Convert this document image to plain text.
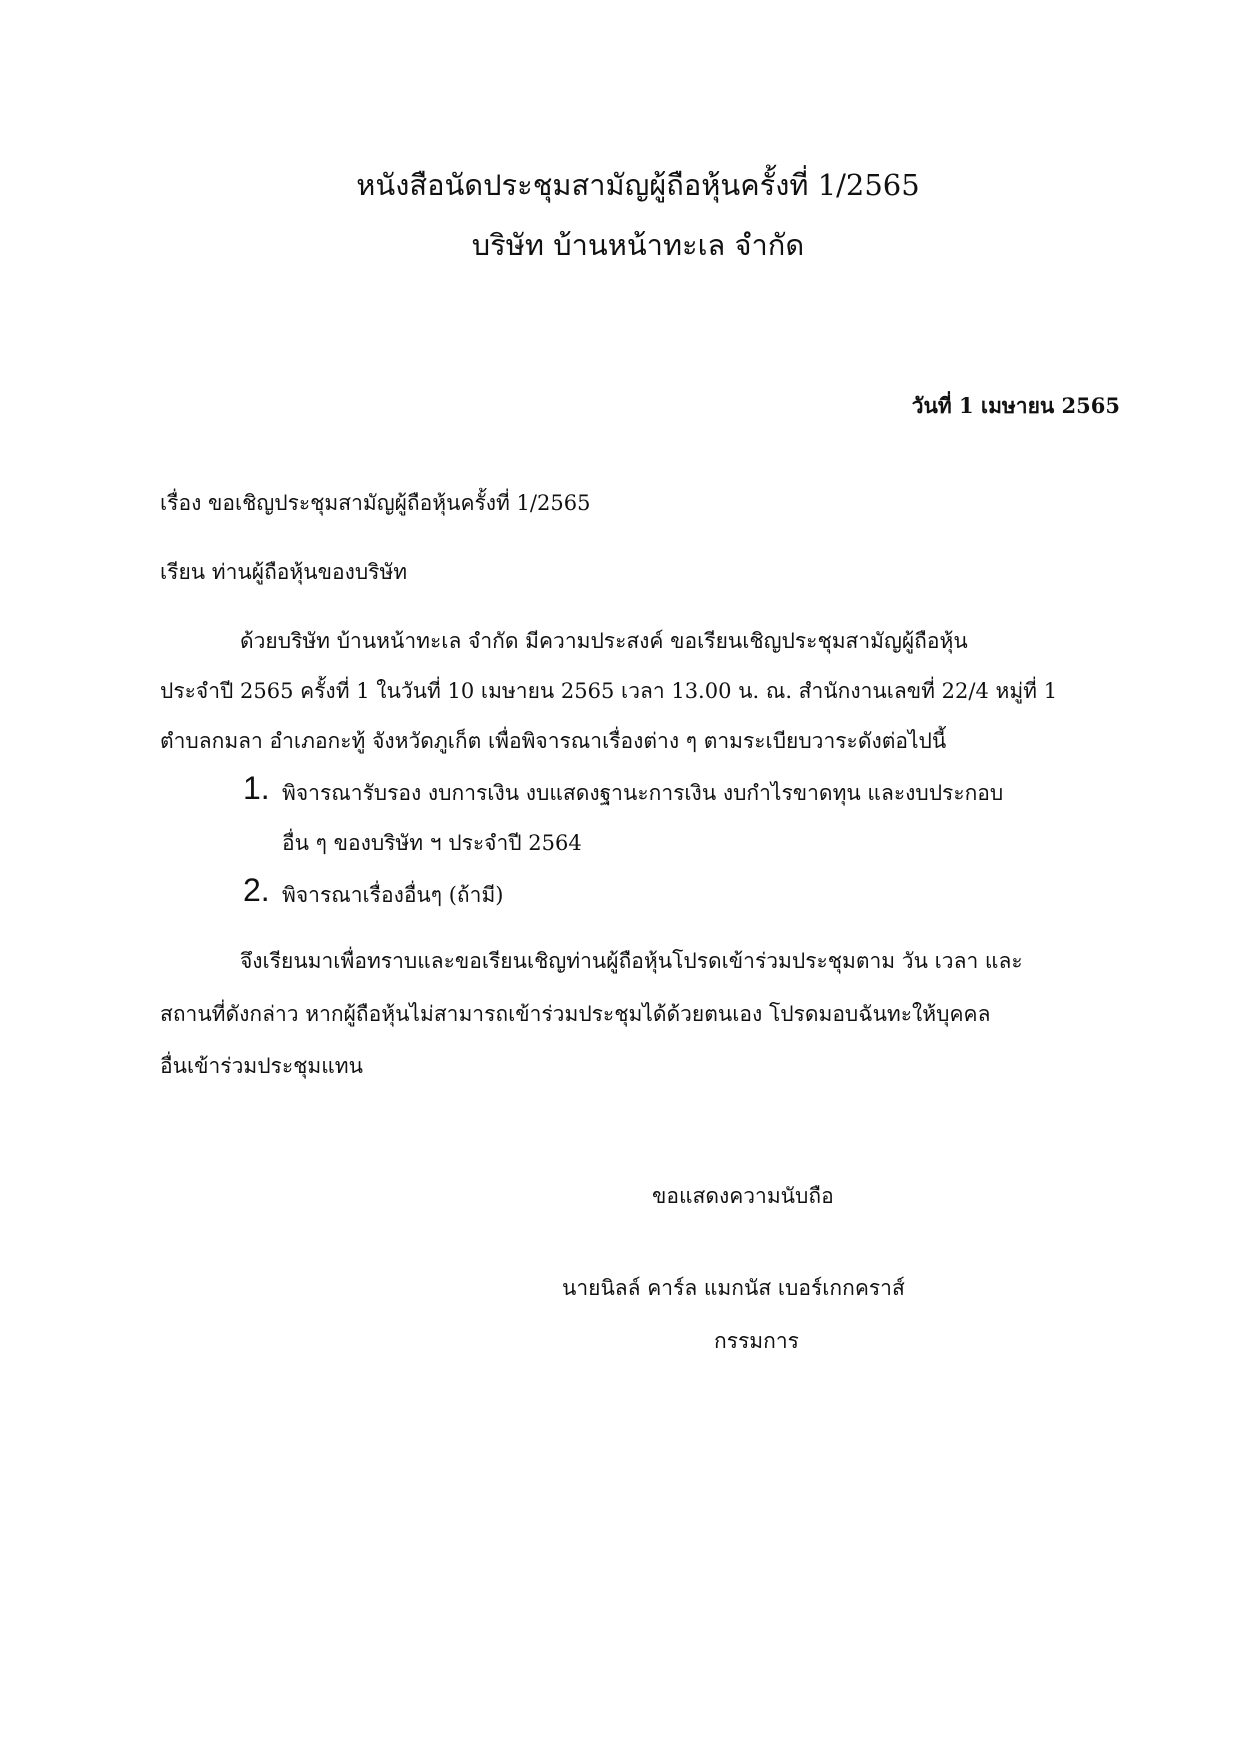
หนังสือนัดประชุมสามัญผู้ถือหุ้นครั้งที่ 1/2565
บริษัท บ้านหน้าทะเล จำกัด
วันที่ 1 เมษายน 2565
เรื่อง ขอเชิญประชุมสามัญผู้ถือหุ้นครั้งที่ 1/2565
เรียน ท่านผู้ถือหุ้นของบริษัท
ด้วยบริษัท บ้านหน้าทะเล จำกัด มีความประสงค์ ขอเรียนเชิญประชุมสามัญผู้ถือหุ้น
ประจำปี 2565 ครั้งที่ 1 ในวันที่ 10 เมษายน 2565 เวลา 13.00 น. ณ. สำนักงานเลขที่ 22/4 หมู่ที่ 1
ตำบลกมลา อำเภอกะทู้ จังหวัดภูเก็ต เพื่อพิจารณาเรื่องต่าง ๆ ตามระเบียบวาระดังต่อไปนี้
1. พิจารณารับรอง งบการเงิน งบแสดงฐานะการเงิน งบกำไรขาดทุน และงบประกอบ
อื่น ๆ ของบริษัท ฯ ประจำปี 2564
2. พิจารณาเรื่องอื่นๆ (ถ้ามี)
จึงเรียนมาเพื่อทราบและขอเรียนเชิญท่านผู้ถือหุ้นโปรดเข้าร่วมประชุมตาม วัน เวลา และ
สถานที่ดังกล่าว หากผู้ถือหุ้นไม่สามารถเข้าร่วมประชุมได้ด้วยตนเอง โปรดมอบฉันทะให้บุคคล
อื่นเข้าร่วมประชุมแทน
ขอแสดงความนับถือ
นายนิลล์ คาร์ล แมกนัส เบอร์เกกคราส์
กรรมการ
